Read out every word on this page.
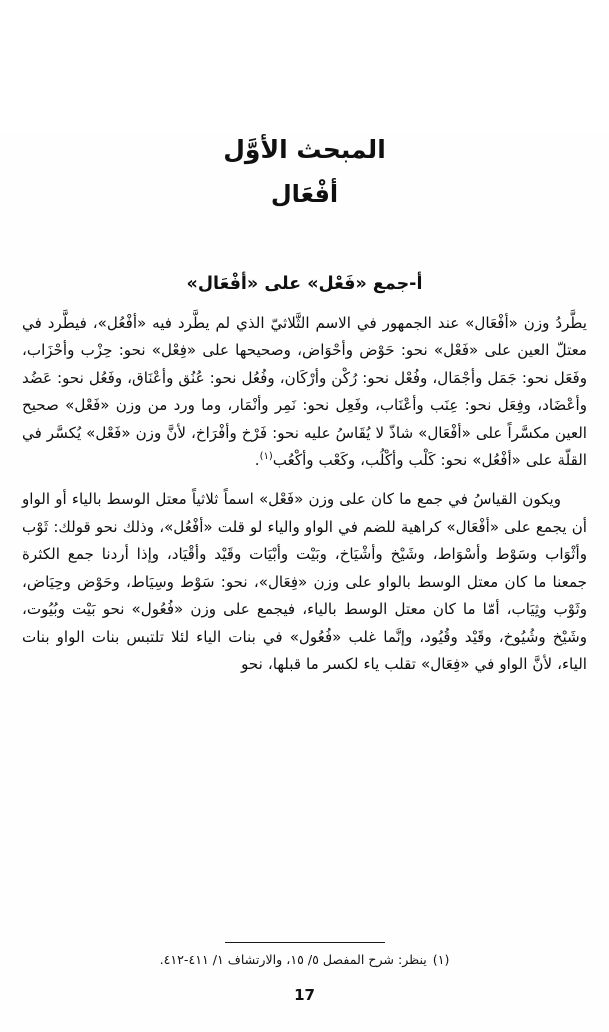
المبحث الأوَّل
أفْعَال
أ-جمع «فَعْل» على «أفْعَال»

يطَّردُ وزن «أفْعَال» عند الجمهور في الاسم الثَّلاثيّ الذي لم يطَّرد فيه «أفْعُل»، فيطَّرد في معتلّ العين على «فَعْل» نحو: حَوْض وأحْوَاض، وصحيحها على «فِعْل» نحو: حِزْب وأحْزَاب، وفَعَل نحو: جَمَل وأجْمَال، وفُعْل نحو: رُكْن وأرْكَان، وفُعُل نحو: عُنُق وأعْنَاق، وفَعُل نحو: عَضُد وأعْضَاد، وفِعَل نحو: عِنَب وأعْنَاب، وفَعِل نحو: نَمِر وأنْمَار، وما ورد من وزن «فَعْل» صحيح العين مكسَّراً على «أفْعَال» شاذّ لا يُقَاسُ عليه نحو: فَرْخ وأفْرَاخ، لأنَّ وزن «فَعْل» يُكسَّر في القلّة على «أفْعُل» نحو: كَلْب وأكْلُب، وكَعْب وأكْعُب$^{(١)}$.

ويكون القياسُ في جمع ما كان على وزن «فَعْل» اسماً ثلاثياً معتل الوسط بالياء أو الواو أن يجمع على «أفْعَال» كراهية للضم في الواو والياء لو قلت «أفْعُل»، وذلك نحو قولك: ثَوْب وأثْوَاب وسَوْط وأسْوَاط، وشَيْخ وأشْيَاخ، وبَيْت وأبْيَات وقَيْد وأقْيَاد، وإذا أردنا جمع الكثرة جمعنا ما كان معتل الوسط بالواو على وزن «فِعَال»، نحو: سَوْط وسِيَاط، وحَوْض وحِيَاض، وثَوْب وثِيَاب، أمّا ما كان معتل الوسط بالياء، فيجمع على وزن «فُعُول» نحو بَيْت وبُيُوت، وشَيْخ وشُيُوخ، وقَيْد وقُيُود، وإنَّما غلب «فُعُول» في بنات الياء لئلا تلتبس بنات الواو بنات الياء، لأنَّ الواو في «فِعَال» تقلب ياء لكسر ما قبلها، نحو

(١)ينظر: شرح المفصل ٥/ ١٥، والارتشاف ١/ ٤١١-٤١٢.
17
